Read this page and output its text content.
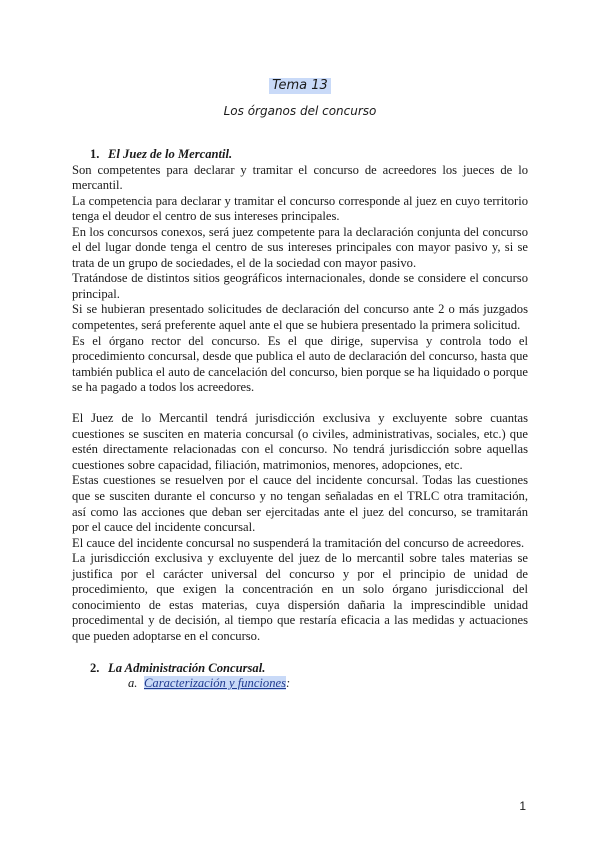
Tema 13
Los órganos del concurso

1. El Juez de lo Mercantil.

Son competentes para declarar y tramitar el concurso de acreedores los jueces de lo mercantil.

La competencia para declarar y tramitar el concurso corresponde al juez en cuyo territorio tenga el deudor el centro de sus intereses principales.

En los concursos conexos, será juez competente para la declaración conjunta del concurso el del lugar donde tenga el centro de sus intereses principales con mayor pasivo y, si se trata de un grupo de sociedades, el de la sociedad con mayor pasivo.

Tratándose de distintos sitios geográficos internacionales, donde se considere el concurso principal.

Si se hubieran presentado solicitudes de declaración del concurso ante 2 o más juzgados competentes, será preferente aquel ante el que se hubiera presentado la primera solicitud.

Es el órgano rector del concurso. Es el que dirige, supervisa y controla todo el procedimiento concursal, desde que publica el auto de declaración del concurso, hasta que también publica el auto de cancelación del concurso, bien porque se ha liquidado o porque se ha pagado a todos los acreedores.

El Juez de lo Mercantil tendrá jurisdicción exclusiva y excluyente sobre cuantas cuestiones se susciten en materia concursal (o civiles, administrativas, sociales, etc.) que estén directamente relacionadas con el concurso. No tendrá jurisdicción sobre aquellas cuestiones sobre capacidad, filiación, matrimonios, menores, adopciones, etc.

Estas cuestiones se resuelven por el cauce del incidente concursal. Todas las cuestiones que se susciten durante el concurso y no tengan señaladas en el TRLC otra tramitación, así como las acciones que deban ser ejercitadas ante el juez del concurso, se tramitarán por el cauce del incidente concursal.

El cauce del incidente concursal no suspenderá la tramitación del concurso de acreedores.

La jurisdicción exclusiva y excluyente del juez de lo mercantil sobre tales materias se justifica por el carácter universal del concurso y por el principio de unidad de procedimiento, que exigen la concentración en un solo órgano jurisdiccional del conocimiento de estas materias, cuya dispersión dañaria la imprescindible unidad procedimental y de decisión, al tiempo que restaría eficacia a las medidas y actuaciones que pueden adoptarse en el concurso.

2. La Administración Concursal.

a. Caracterización y funciones:

1
